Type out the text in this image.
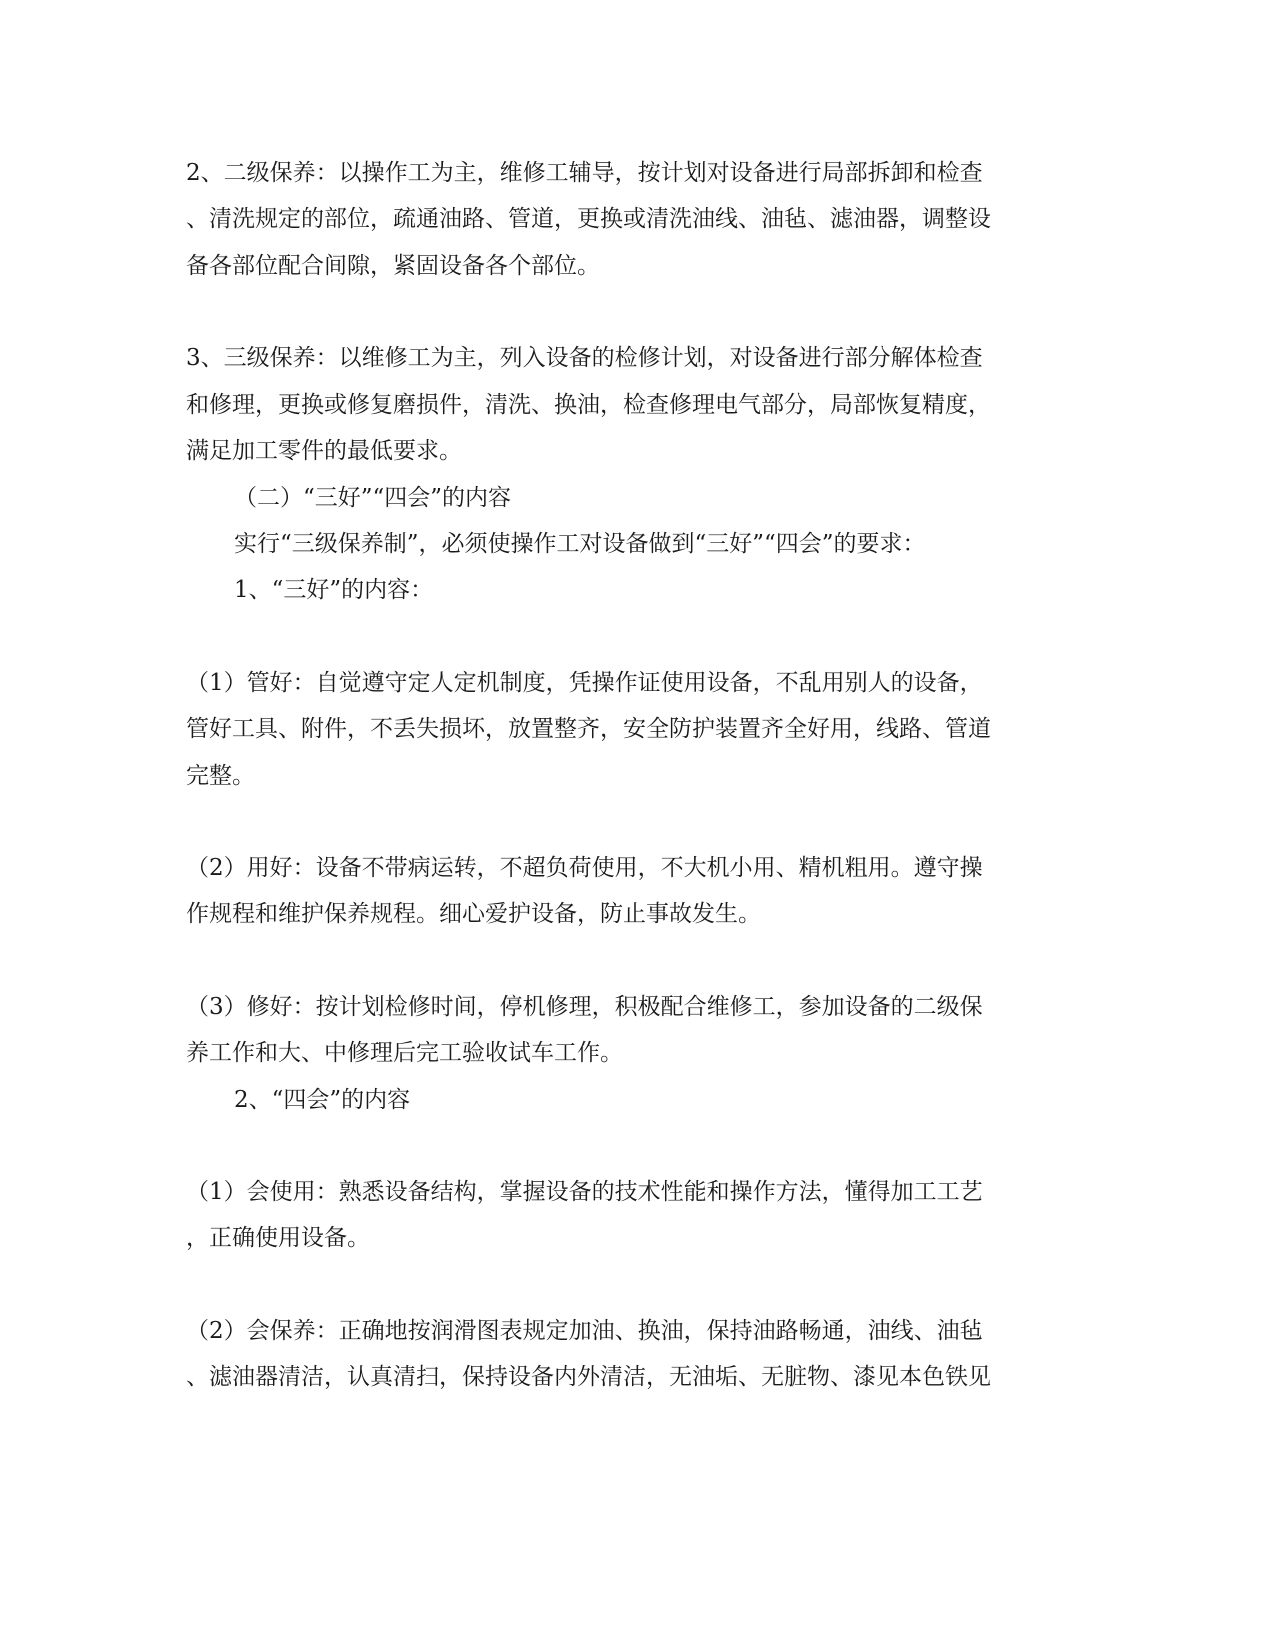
2、二级保养：以操作工为主，维修工辅导，按计划对设备进行局部拆卸和检查
、清洗规定的部位，疏通油路、管道，更换或清洗油线、油毡、滤油器，调整设
备各部位配合间隙，紧固设备各个部位。
3、三级保养：以维修工为主，列入设备的检修计划，对设备进行部分解体检查
和修理，更换或修复磨损件，清洗、换油，检查修理电气部分，局部恢复精度，
满足加工零件的最低要求。
（二）“三好”“四会”的内容
实行“三级保养制”，必须使操作工对设备做到“三好”“四会”的要求：
1、“三好”的内容：
（1）管好：自觉遵守定人定机制度，凭操作证使用设备，不乱用别人的设备，
管好工具、附件，不丢失损坏，放置整齐，安全防护装置齐全好用，线路、管道
完整。
（2）用好：设备不带病运转，不超负荷使用，不大机小用、精机粗用。遵守操
作规程和维护保养规程。细心爱护设备，防止事故发生。
（3）修好：按计划检修时间，停机修理，积极配合维修工，参加设备的二级保
养工作和大、中修理后完工验收试车工作。
2、“四会”的内容
（1）会使用：熟悉设备结构，掌握设备的技术性能和操作方法，懂得加工工艺
，正确使用设备。
（2）会保养：正确地按润滑图表规定加油、换油，保持油路畅通，油线、油毡
、滤油器清洁，认真清扫，保持设备内外清洁，无油垢、无脏物、漆见本色铁见
